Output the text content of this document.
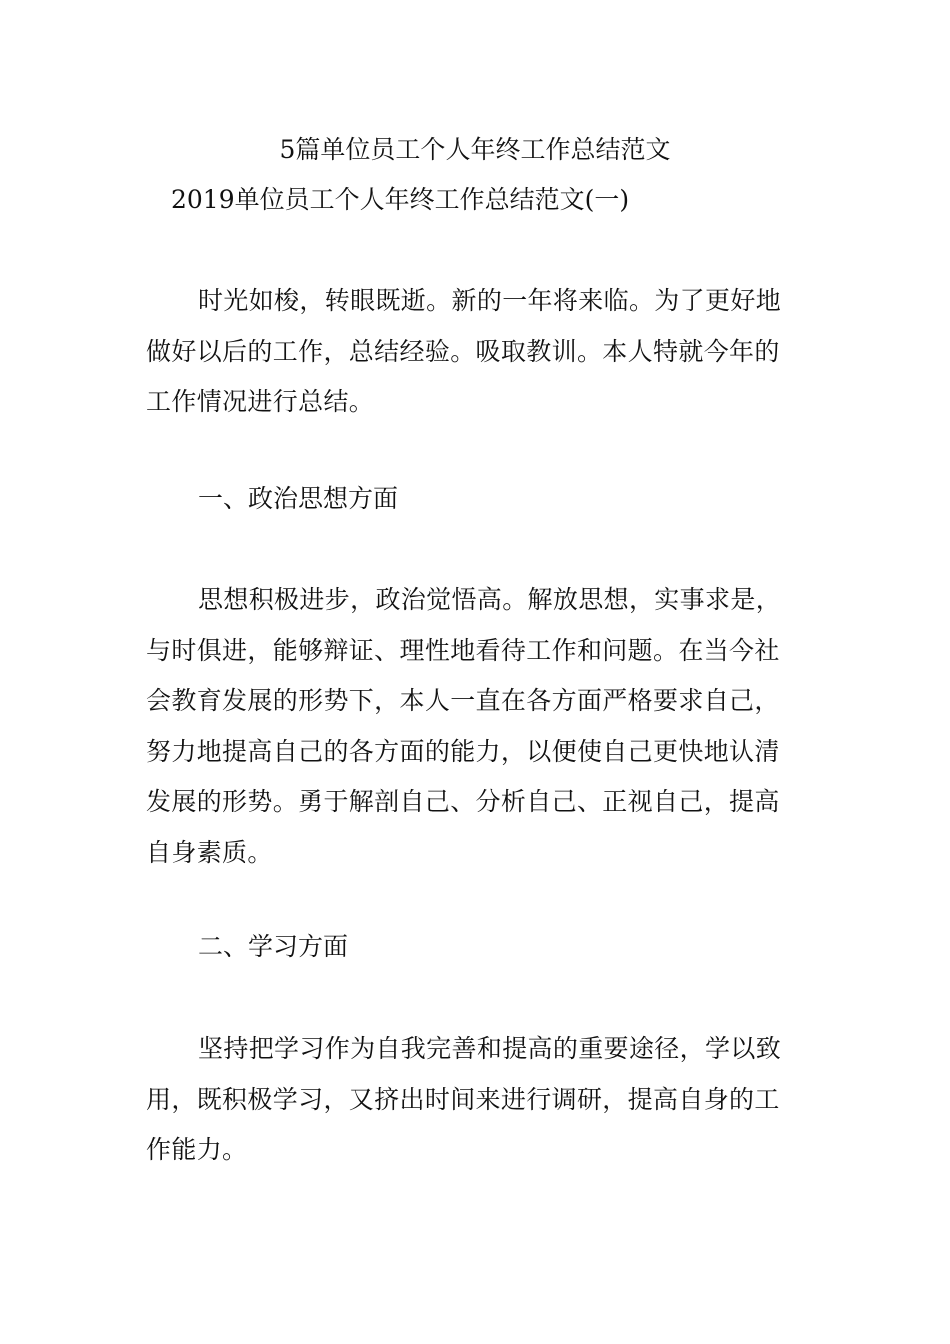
5篇单位员工个人年终工作总结范文
2019单位员工个人年终工作总结范文(一)
时光如梭，转眼既逝。新的一年将来临。为了更好地
做好以后的工作，总结经验。吸取教训。本人特就今年的
工作情况进行总结。
一、政治思想方面
思想积极进步，政治觉悟高。解放思想，实事求是，
与时俱进，能够辩证、理性地看待工作和问题。在当今社
会教育发展的形势下，本人一直在各方面严格要求自己，
努力地提高自己的各方面的能力，以便使自己更快地认清
发展的形势。勇于解剖自己、分析自己、正视自己，提高
自身素质。
二、学习方面
坚持把学习作为自我完善和提高的重要途径，学以致
用，既积极学习，又挤出时间来进行调研，提高自身的工
作能力。
